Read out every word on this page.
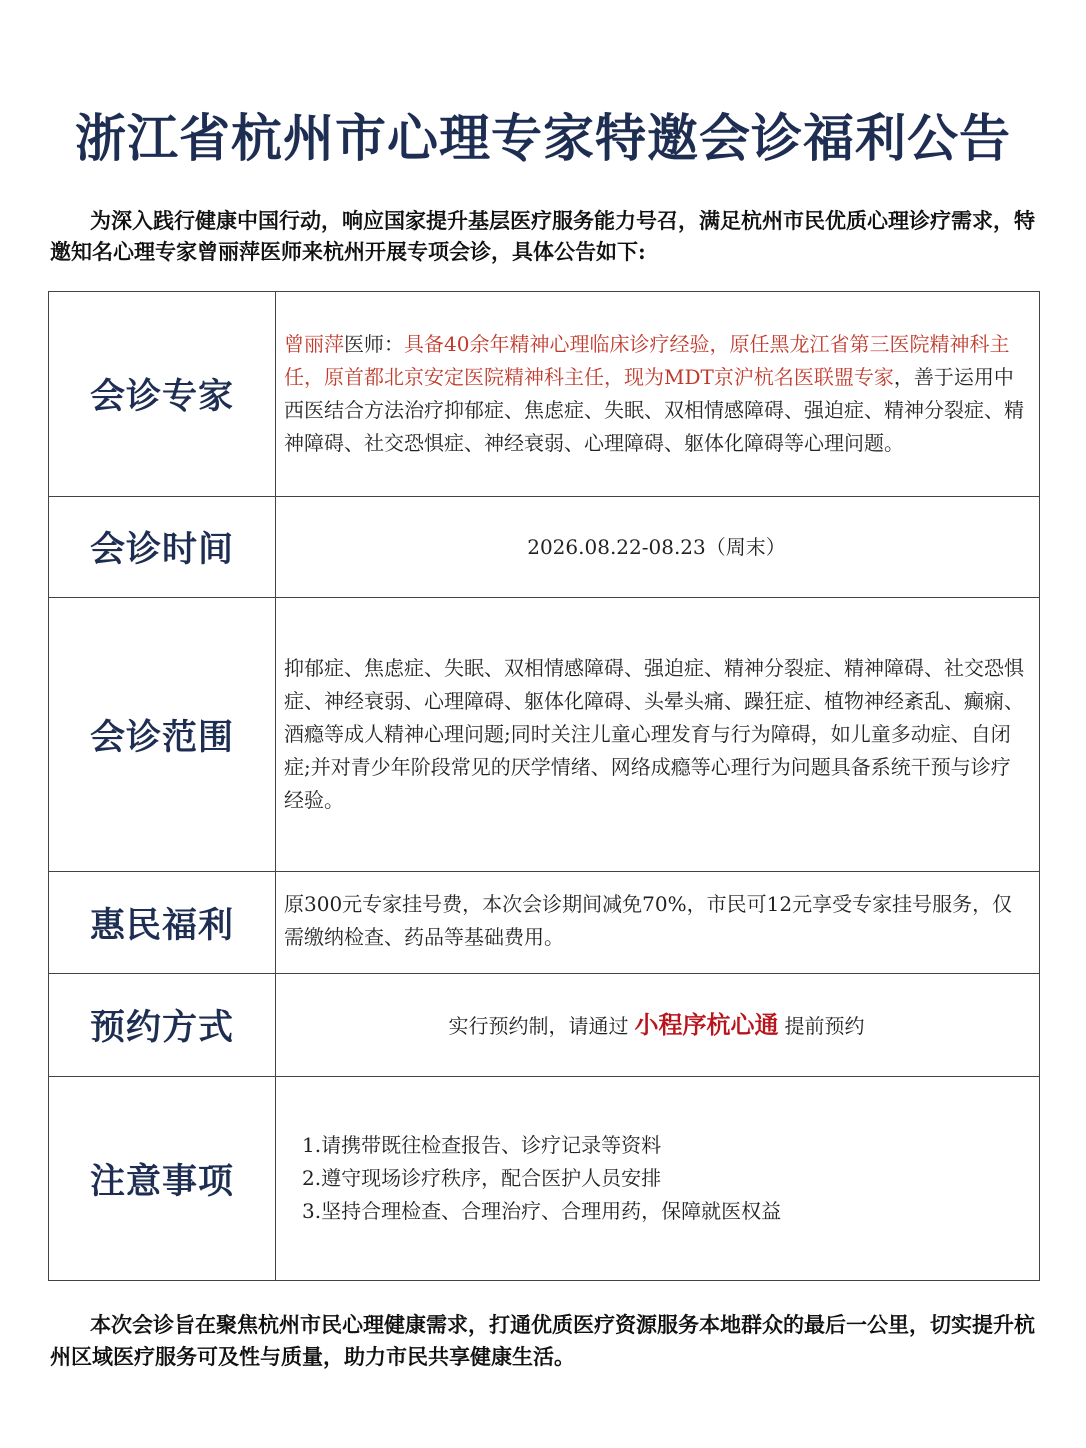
浙江省杭州市心理专家特邀会诊福利公告
为深入践行健康中国行动，响应国家提升基层医疗服务能力号召，满足杭州市民优质心理诊疗需求，特邀知名心理专家曾丽萍医师来杭州开展专项会诊，具体公告如下:
会诊专家	曾丽萍医师：具备40余年精神心理临床诊疗经验，原任黑龙江省第三医院精神科主任，原首都北京安定医院精神科主任，现为MDT京沪杭名医联盟专家，善于运用中西医结合方法治疗抑郁症、焦虑症、失眠、双相情感障碍、强迫症、精神分裂症、精神障碍、社交恐惧症、神经衰弱、心理障碍、躯体化障碍等心理问题。
会诊时间	2026.08.22-08.23（周末）
会诊范围	抑郁症、焦虑症、失眠、双相情感障碍、强迫症、精神分裂症、精神障碍、社交恐惧症、神经衰弱、心理障碍、躯体化障碍、头晕头痛、躁狂症、植物神经紊乱、癫痫、酒瘾等成人精神心理问题;同时关注儿童心理发育与行为障碍，如儿童多动症、自闭症;并对青少年阶段常见的厌学情绪、网络成瘾等心理行为问题具备系统干预与诊疗经验。
惠民福利	原300元专家挂号费，本次会诊期间减免70%，市民可12元享受专家挂号服务，仅需缴纳检查、药品等基础费用。
预约方式	实行预约制，请通过 小程序杭心通 提前预约
注意事项	1.请携带既往检查报告、诊疗记录等资料
2.遵守现场诊疗秩序，配合医护人员安排
3.坚持合理检查、合理治疗、合理用药，保障就医权益
本次会诊旨在聚焦杭州市民心理健康需求，打通优质医疗资源服务本地群众的最后一公里，切实提升杭州区域医疗服务可及性与质量，助力市民共享健康生活。
